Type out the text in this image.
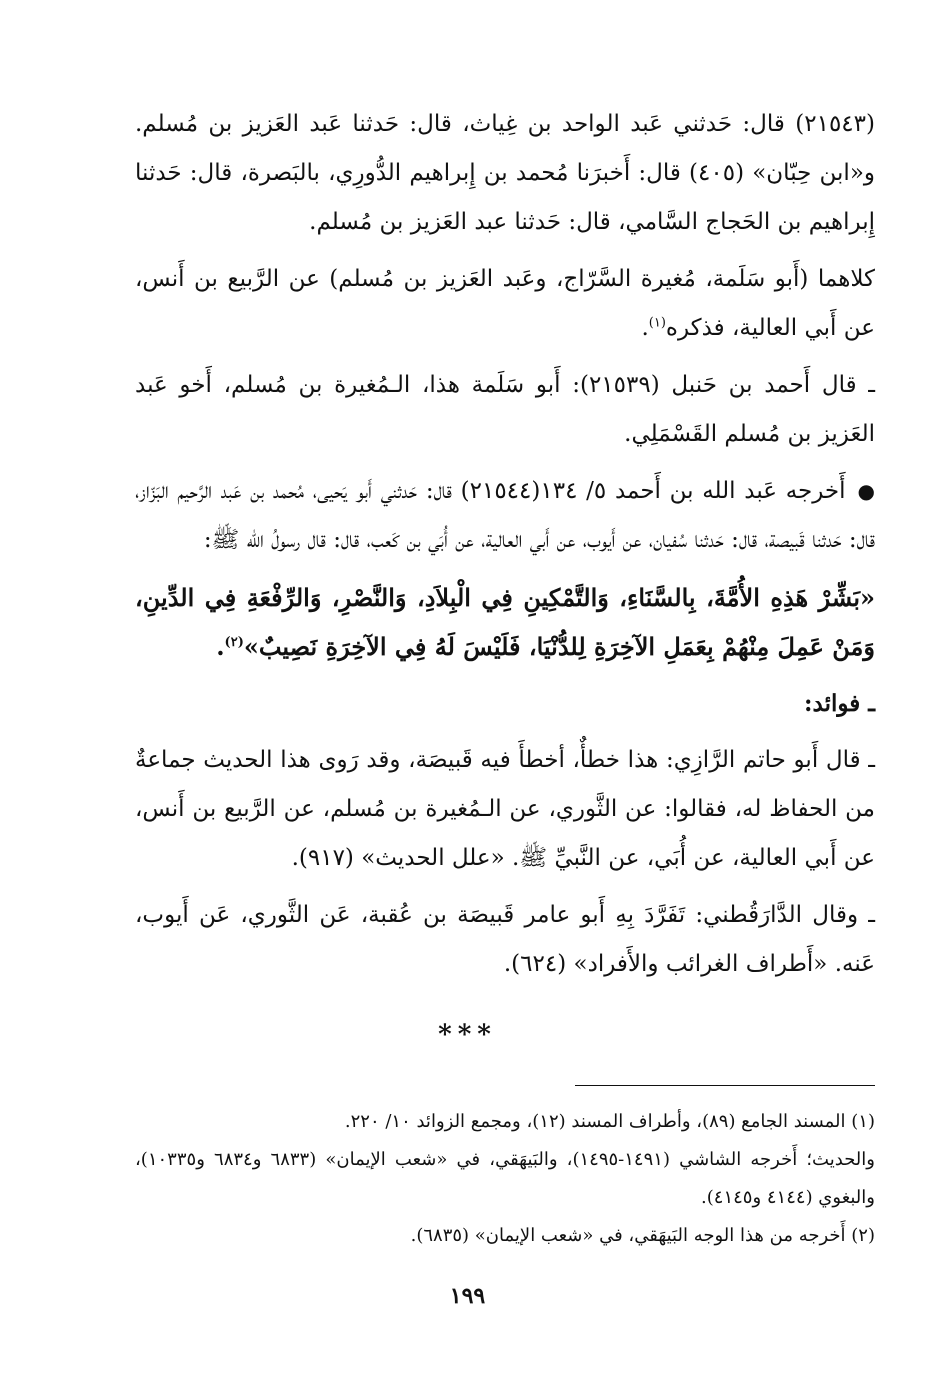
(٢١٥٤٣) قال: حَدثني عَبد الواحد بن غِياث، قال: حَدثنا عَبد العَزيز بن مُسلم. و«ابن حِبّان» (٤٠٥) قال: أَخبرَنا مُحمد بن إِبراهيم الدُّورِي، بالبَصرة، قال: حَدثنا إِبراهيم بن الحَجاج السَّامي، قال: حَدثنا عبد العَزيز بن مُسلم.

كلاهما (أَبو سَلَمة، مُغيرة السَّرّاج، وعَبد العَزيز بن مُسلم) عن الرَّبيع بن أَنس، عن أَبي العالية، فذكره$^{(١)}$.

ـ قال أَحمد بن حَنبل (٢١٥٣٩): أَبو سَلَمة هذا، الـمُغيرة بن مُسلم، أَخو عَبد العَزيز بن مُسلم القَسْمَلِي.

●أَخرجه عَبد الله بن أَحمد ٥/ ١٣٤(٢١٥٤٤) قال: حَدثني أَبو يَحيى، مُحمد بن عَبد الرَّحيم البَزّاز، قال: حَدثنا قَبيصة، قال: حَدثنا سُفيان، عن أَيوب، عن أَبي العالية، عن أُبَي بن كَعب، قال: قال رسولُ الله ﷺ:

«بَشِّرْ هَذِهِ الأُمَّةَ، بِالسَّنَاءِ، وَالتَّمْكِينِ فِي الْبِلاَدِ، وَالنَّصْرِ، وَالرِّفْعَةِ فِي الدِّينِ، وَمَنْ عَمِلَ مِنْهُمْ بِعَمَلِ الآخِرَةِ لِلدُّنْيَا، فَلَيْسَ لَهُ فِي الآخِرَةِ نَصِيبٌ»$^{(٢)}$.

ـ فوائد:

ـ قال أَبو حاتم الرَّازِي: هذا خطأٌ، أخطأَ فيه قَبيصَة، وقد رَوى هذا الحديث جماعةٌ من الحفاظ له، فقالوا: عن الثَّوري، عن الـمُغيرة بن مُسلم، عن الرَّبيع بن أَنس، عن أَبي العالية، عن أُبَي، عن النَّبيِّ ﷺ. «علل الحديث» (٩١٧).

ـ وقال الدَّارَقُطني: تَفَرَّدَ بِهِ أَبو عامر قَبيصَة بن عُقبة، عَن الثَّوري، عَن أَيوب، عَنه. «أَطراف الغرائب والأَفراد» (٦٢٤).

***

(١) المسند الجامع (٨٩)، وأطراف المسند (١٢)، ومجمع الزوائد ١٠/ ٢٢٠.

والحديث؛ أَخرجه الشاشي (١٤٩١-١٤٩٥)، والبَيهَقي، في «شعب الإيمان» (٦٨٣٣ و٦٨٣٤ و١٠٣٣٥)، والبغوي (٤١٤٤ و٤١٤٥).

(٢) أَخرجه من هذا الوجه البَيهَقي، في «شعب الإيمان» (٦٨٣٥).

١٩٩
